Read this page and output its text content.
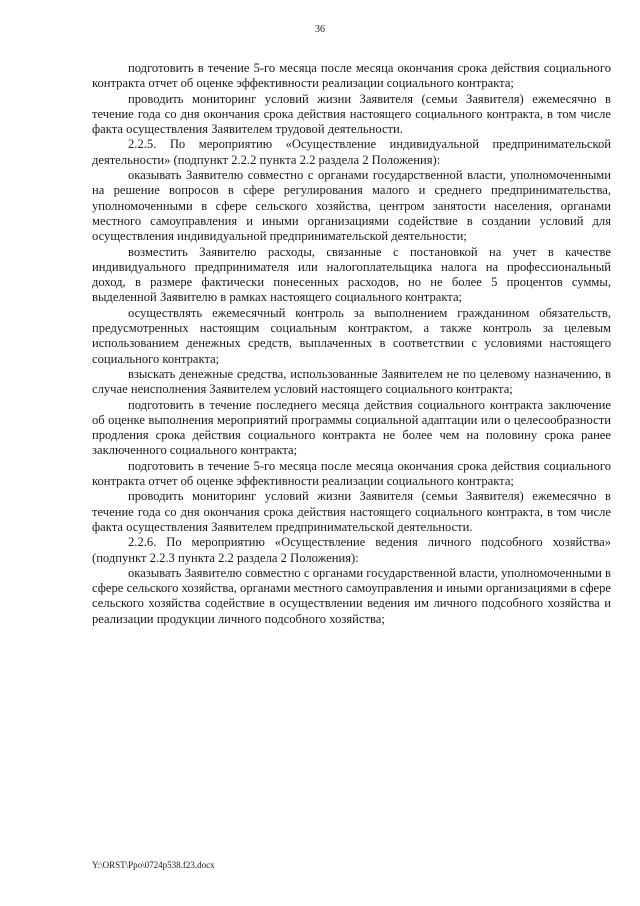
36

подготовить в течение 5-го месяца после месяца окончания срока действия социального контракта отчет об оценке эффективности реализации социального контракта;

проводить мониторинг условий жизни Заявителя (семьи Заявителя) ежемесячно в течение года со дня окончания срока действия настоящего социального контракта, в том числе факта осуществления Заявителем трудовой деятельности.

2.2.5. По мероприятию «Осуществление индивидуальной предпринимательской деятельности» (подпункт 2.2.2 пункта 2.2 раздела 2 Положения):

оказывать Заявителю совместно с органами государственной власти, уполномоченными на решение вопросов в сфере регулирования малого и среднего предпринимательства, уполномоченными в сфере сельского хозяйства, центром занятости населения, органами местного самоуправления и иными организациями содействие в создании условий для осуществления индивидуальной предпринимательской деятельности;

возместить Заявителю расходы, связанные с постановкой на учет в качестве индивидуального предпринимателя или налогоплательщика налога на профессиональный доход, в размере фактически понесенных расходов, но не более 5 процентов суммы, выделенной Заявителю в рамках настоящего социального контракта;

осуществлять ежемесячный контроль за выполнением гражданином обязательств, предусмотренных настоящим социальным контрактом, а также контроль за целевым использованием денежных средств, выплаченных в соответствии с условиями настоящего социального контракта;

взыскать денежные средства, использованные Заявителем не по целевому назначению, в случае неисполнения Заявителем условий настоящего социального контракта;

подготовить в течение последнего месяца действия социального контракта заключение об оценке выполнения мероприятий программы социальной адаптации или о целесообразности продления срока действия социального контракта не более чем на половину срока ранее заключенного социального контракта;

подготовить в течение 5-го месяца после месяца окончания срока действия социального контракта отчет об оценке эффективности реализации социального контракта;

проводить мониторинг условий жизни Заявителя (семьи Заявителя) ежемесячно в течение года со дня окончания срока действия настоящего социального контракта, в том числе факта осуществления Заявителем предпринимательской деятельности.

2.2.6. По мероприятию «Осуществление ведения личного подсобного хозяйства» (подпункт 2.2.3 пункта 2.2 раздела 2 Положения):

оказывать Заявителю совместно с органами государственной власти, уполномоченными в сфере сельского хозяйства, органами местного самоуправления и иными организациями в сфере сельского хозяйства содействие в осуществлении ведения им личного подсобного хозяйства и реализации продукции личного подсобного хозяйства;

Y:\ORST\Ppo\0724p538.f23.docx
